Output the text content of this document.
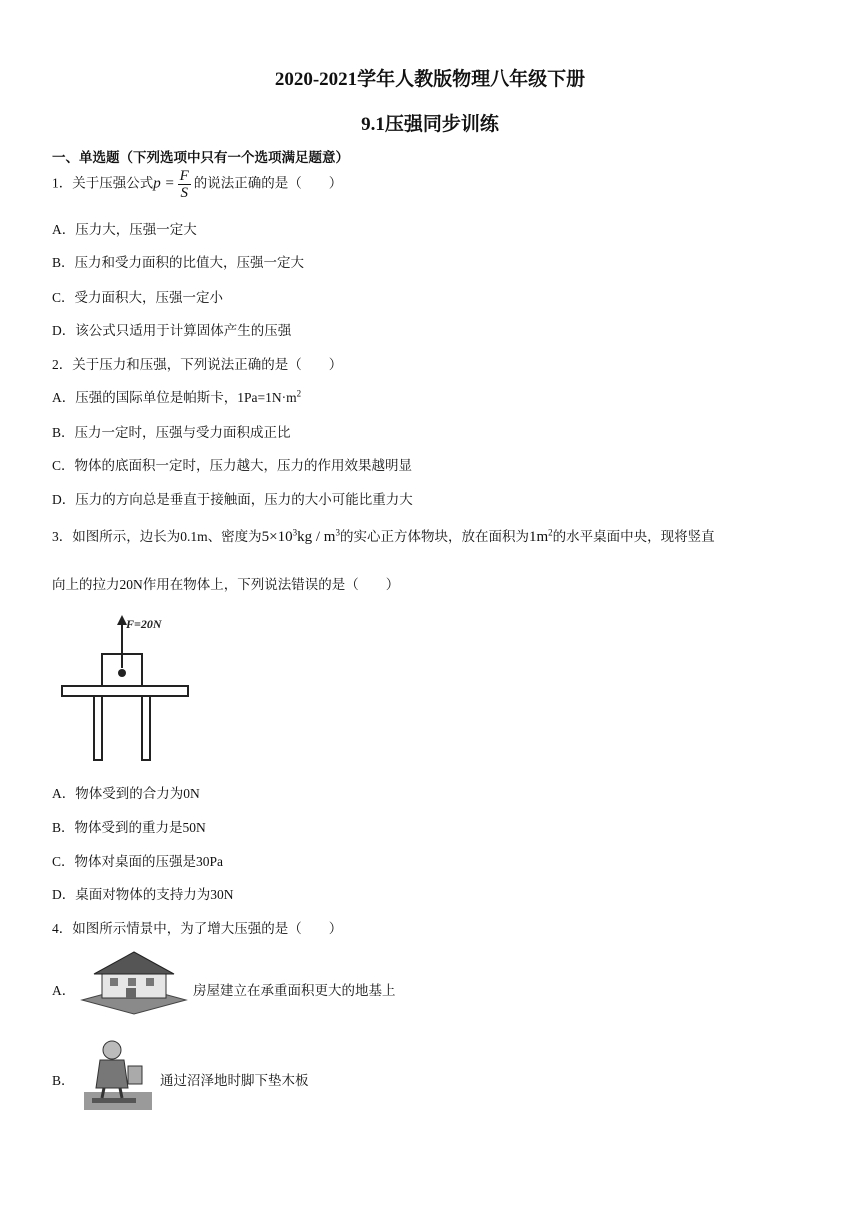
2020-2021学年人教版物理八年级下册
9.1压强同步训练
一、单选题（下列选项中只有一个选项满足题意）
1．关于压强公式$p = \frac{F}{S}$ 的说法正确的是（　　）
A．压力大，压强一定大
B．压力和受力面积的比值大，压强一定大
C．受力面积大，压强一定小
D．该公式只适用于计算固体产生的压强
2．关于压力和压强，下列说法正确的是（　　）
A．压强的国际单位是帕斯卡，$1Pa=1N\cdot m^2$
B．压力一定时，压强与受力面积成正比
C．物体的底面积一定时，压力越大，压力的作用效果越明显
D．压力的方向总是垂直于接触面，压力的大小可能比重力大
3．如图所示，边长为0.1m、密度为$5\times 10^3kg / m^3$的实心正方体物块，放在面积为$1m^2$的水平桌面中央，现将竖直
向上的拉力20N作用在物体上，下列说法错误的是（　　）
F=20N
A．物体受到的合力为0N
B．物体受到的重力是50N
C．物体对桌面的压强是30Pa
D．桌面对物体的支持力为30N
4．如图所示情景中，为了增大压强的是（　　）
A．	房屋建立在承重面积更大的地基上
B．	通过沼泽地时脚下垫木板
